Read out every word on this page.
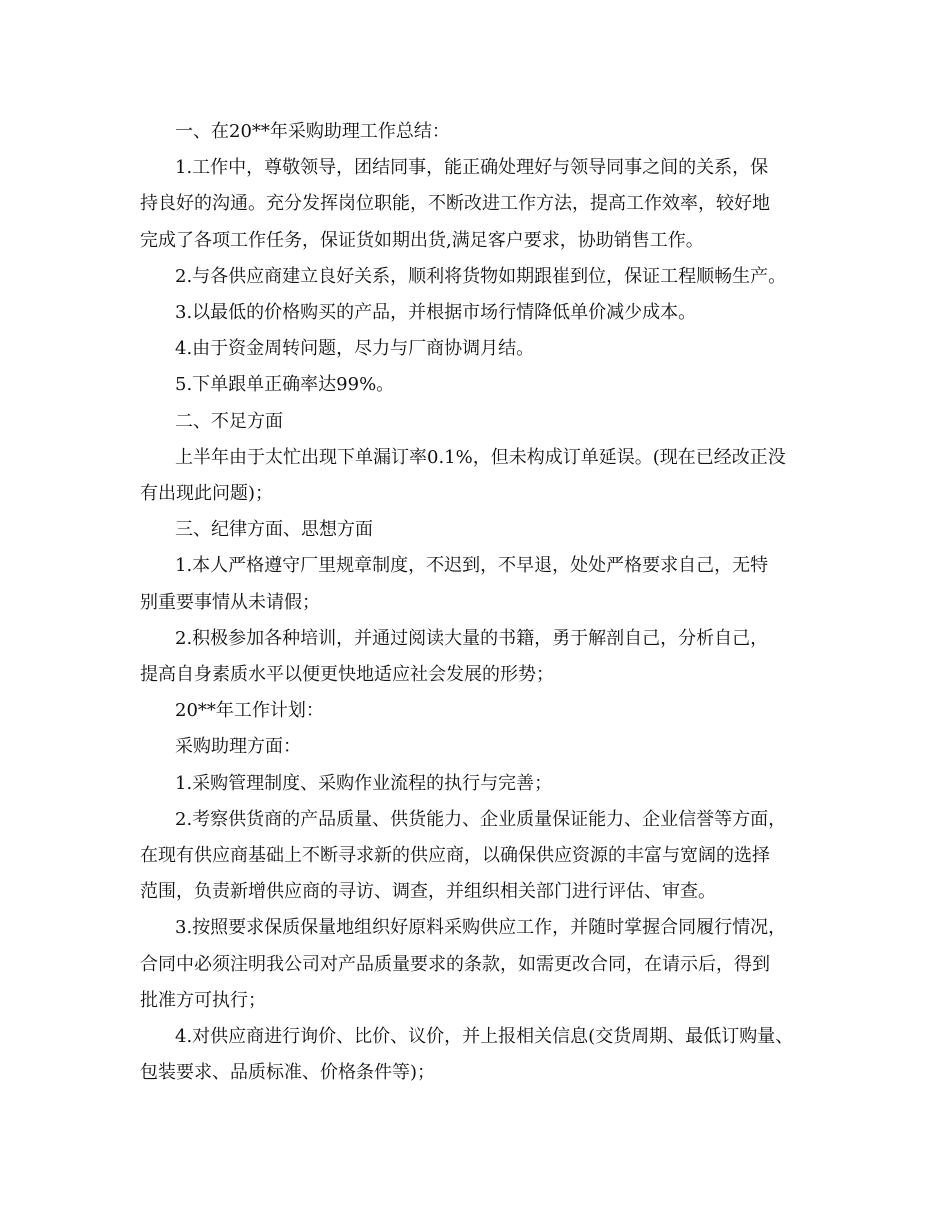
一、在20**年采购助理工作总结：

1.工作中，尊敬领导，团结同事，能正确处理好与领导同事之间的关系，保

持良好的沟通。充分发挥岗位职能，不断改进工作方法，提高工作效率，较好地

完成了各项工作任务，保证货如期出货,满足客户要求，协助销售工作。

2.与各供应商建立良好关系，顺利将货物如期跟崔到位，保证工程顺畅生产。

3.以最低的价格购买的产品，并根据市场行情降低单价减少成本。

4.由于资金周转问题，尽力与厂商协调月结。

5.下单跟单正确率达99%。

二、不足方面

上半年由于太忙出现下单漏订率0.1%，但未构成订单延误。(现在已经改正没

有出现此问题)；

三、纪律方面、思想方面

1.本人严格遵守厂里规章制度，不迟到，不早退，处处严格要求自己，无特

别重要事情从未请假；

2.积极参加各种培训，并通过阅读大量的书籍，勇于解剖自己，分析自己，

提高自身素质水平以便更快地适应社会发展的形势；

20**年工作计划：

采购助理方面：

1.采购管理制度、采购作业流程的执行与完善；

2.考察供货商的产品质量、供货能力、企业质量保证能力、企业信誉等方面，

在现有供应商基础上不断寻求新的供应商，以确保供应资源的丰富与宽阔的选择

范围，负责新增供应商的寻访、调查，并组织相关部门进行评估、审查。

3.按照要求保质保量地组织好原料采购供应工作，并随时掌握合同履行情况，

合同中必须注明我公司对产品质量要求的条款，如需更改合同，在请示后，得到

批准方可执行；

4.对供应商进行询价、比价、议价，并上报相关信息(交货周期、最低订购量、

包装要求、品质标准、价格条件等)；
